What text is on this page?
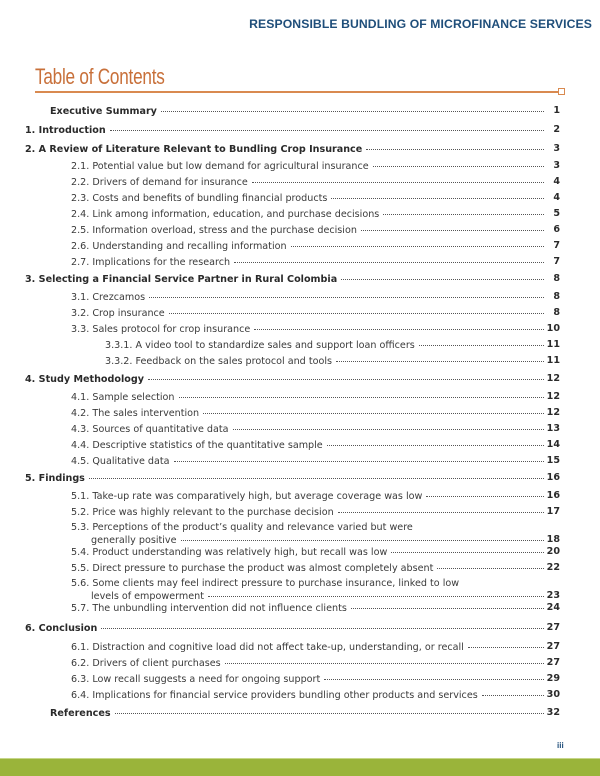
RESPONSIBLE BUNDLING OF MICROFINANCE SERVICES
Table of Contents
Executive Summary	1
1. Introduction	2
2. A Review of Literature Relevant to Bundling Crop Insurance	3
2.1. Potential value but low demand for agricultural insurance	3
2.2. Drivers of demand for insurance	4
2.3. Costs and benefits of bundling financial products	4
2.4. Link among information, education, and purchase decisions	5
2.5. Information overload, stress and the purchase decision	6
2.6. Understanding and recalling information	7
2.7. Implications for the research	7
3. Selecting a Financial Service Partner in Rural Colombia	8
3.1. Crezcamos	8
3.2. Crop insurance	8
3.3. Sales protocol for crop insurance	10
3.3.1. A video tool to standardize sales and support loan officers	11
3.3.2. Feedback on the sales protocol and tools	11
4. Study Methodology	12
4.1. Sample selection	12
4.2. The sales intervention	12
4.3. Sources of quantitative data	13
4.4. Descriptive statistics of the quantitative sample	14
4.5. Qualitative data	15
5. Findings	16
5.1. Take-up rate was comparatively high, but average coverage was low	16
5.2. Price was highly relevant to the purchase decision	17
5.3. Perceptions of the product’s quality and relevance varied but were
generally positive	18
5.4. Product understanding was relatively high, but recall was low	20
5.5. Direct pressure to purchase the product was almost completely absent	22
5.6. Some clients may feel indirect pressure to purchase insurance, linked to low
levels of empowerment	23
5.7. The unbundling intervention did not influence clients	24
6. Conclusion	27
6.1. Distraction and cognitive load did not affect take-up, understanding, or recall	27
6.2. Drivers of client purchases	27
6.3. Low recall suggests a need for ongoing support	29
6.4. Implications for financial service providers bundling other products and services	30
References	32
iii
